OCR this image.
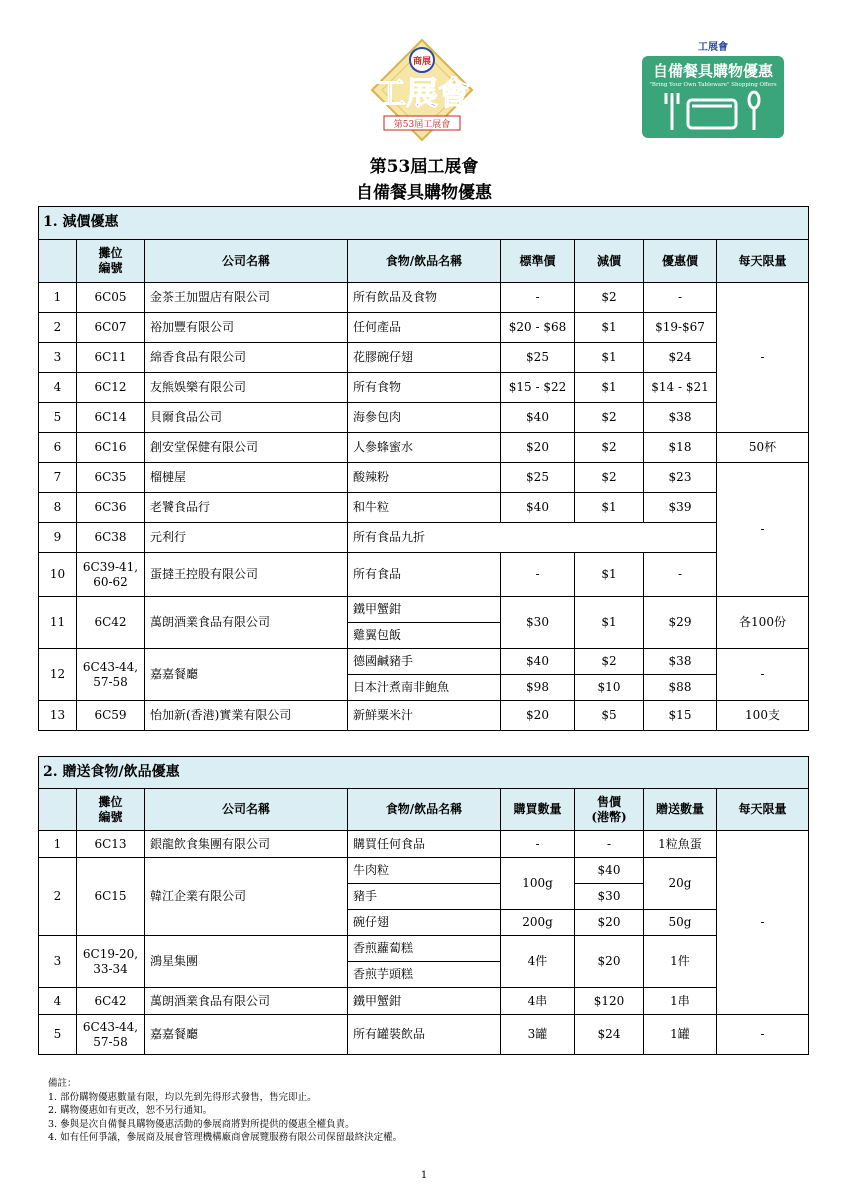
商展
工展會
第53屆工展會
工展會
自備餐具購物優惠
"Bring Your Own Tableware" Shopping Offers
第53屆工展會
自備餐具購物優惠
1. 減價優惠							
	攤位
編號	公司名稱	食物/飲品名稱	標準價	減價	優惠價	每天限量
1	6C05	金茶王加盟店有限公司	所有飲品及食物	-	$2	-	-
2	6C07	裕加豐有限公司	任何產品	$20 - $68	$1	$19-$67	
3	6C11	綿香食品有限公司	花膠碗仔翅	$25	$1	$24	
4	6C12	友熊娛樂有限公司	所有食物	$15 - $22	$1	$14 - $21	
5	6C14	貝爾食品公司	海參包肉	$40	$2	$38	
6	6C16	創安堂保健有限公司	人參蜂蜜水	$20	$2	$18	50杯
7	6C35	榴槤屋	酸辣粉	$25	$2	$23	-
8	6C36	老饕食品行	和牛粒	$40	$1	$39	
9	6C38	元利行	所有食品九折				
10	6C39-41,
60-62	蛋撻王控股有限公司	所有食品	-	$1	-	
11	6C42	萬朗酒業食品有限公司	鐵甲蟹鉗	$30	$1	$29	各100份
			雞翼包飯				
12	6C43-44,
57-58	嘉嘉餐廳	德國鹹豬手	$40	$2	$38	-
			日本汁煮南非鮑魚	$98	$10	$88	
13	6C59	怡加新(香港)實業有限公司	新鮮粟米汁	$20	$5	$15	100支
2. 贈送食物/飲品優惠							
	攤位
編號	公司名稱	食物/飲品名稱	購買數量	售價
(港幣)	贈送數量	每天限量
1	6C13	銀龍飲食集團有限公司	購買任何食品	-	-	1粒魚蛋	-
2	6C15	韓江企業有限公司	牛肉粒	100g	$40	20g	
			豬手		$30		
			碗仔翅	200g	$20	50g	
3	6C19-20,
33-34	鴻星集團	香煎蘿蔔糕	4件	$20	1件	
			香煎芋頭糕				
4	6C42	萬朗酒業食品有限公司	鐵甲蟹鉗	4串	$120	1串	
5	6C43-44,
57-58	嘉嘉餐廳	所有罐裝飲品	3罐	$24	1罐	-
備註：
1. 部份購物優惠數量有限，均以先到先得形式發售，售完即止。
2. 購物優惠如有更改，恕不另行通知。
3. 參與是次自備餐具購物優惠活動的參展商將對所提供的優惠全權負責。
4. 如有任何爭議，參展商及展會管理機構廠商會展覽服務有限公司保留最終決定權。
1
